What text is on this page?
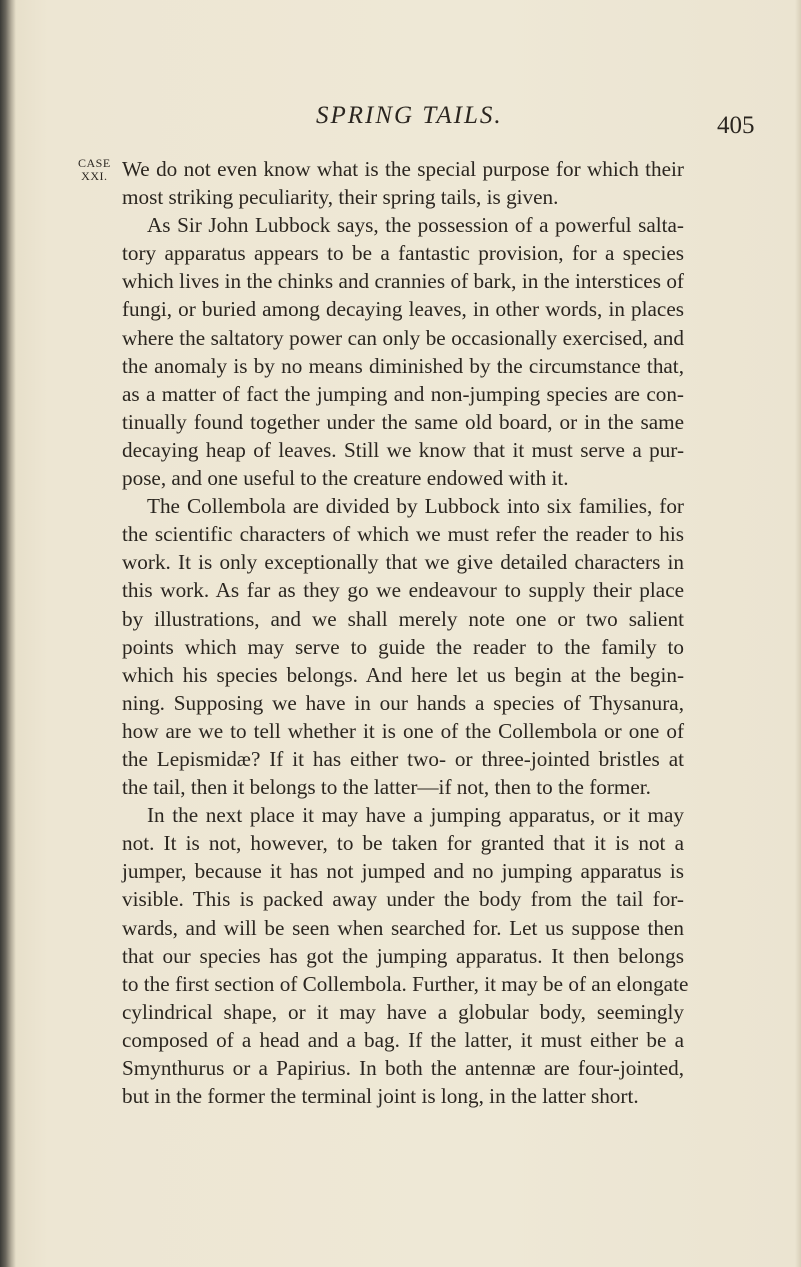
SPRING TAILS.	405
CASE
XXI. We do not even know what is the special purpose for which their
most striking peculiarity, their spring tails, is given.
As Sir John Lubbock says, the possession of a powerful salta-
tory apparatus appears to be a fantastic provision, for a species
which lives in the chinks and crannies of bark, in the interstices of
fungi, or buried among decaying leaves, in other words, in places
where the saltatory power can only be occasionally exercised, and
the anomaly is by no means diminished by the circumstance that,
as a matter of fact the jumping and non-jumping species are con-
tinually found together under the same old board, or in the same
decaying heap of leaves. Still we know that it must serve a pur-
pose, and one useful to the creature endowed with it.
The Collembola are divided by Lubbock into six families, for
the scientific characters of which we must refer the reader to his
work. It is only exceptionally that we give detailed characters in
this work. As far as they go we endeavour to supply their place
by illustrations, and we shall merely note one or two salient
points which may serve to guide the reader to the family to
which his species belongs. And here let us begin at the begin-
ning. Supposing we have in our hands a species of Thysanura,
how are we to tell whether it is one of the Collembola or one of
the Lepismidæ? If it has either two- or three-jointed bristles at
the tail, then it belongs to the latter—if not, then to the former.
In the next place it may have a jumping apparatus, or it may
not. It is not, however, to be taken for granted that it is not a
jumper, because it has not jumped and no jumping apparatus is
visible. This is packed away under the body from the tail for-
wards, and will be seen when searched for. Let us suppose then
that our species has got the jumping apparatus. It then belongs
to the first section of Collembola. Further, it may be of an elongate
cylindrical shape, or it may have a globular body, seemingly
composed of a head and a bag. If the latter, it must either be a
Smynthurus or a Papirius. In both the antennæ are four-jointed,
but in the former the terminal joint is long, in the latter short.
